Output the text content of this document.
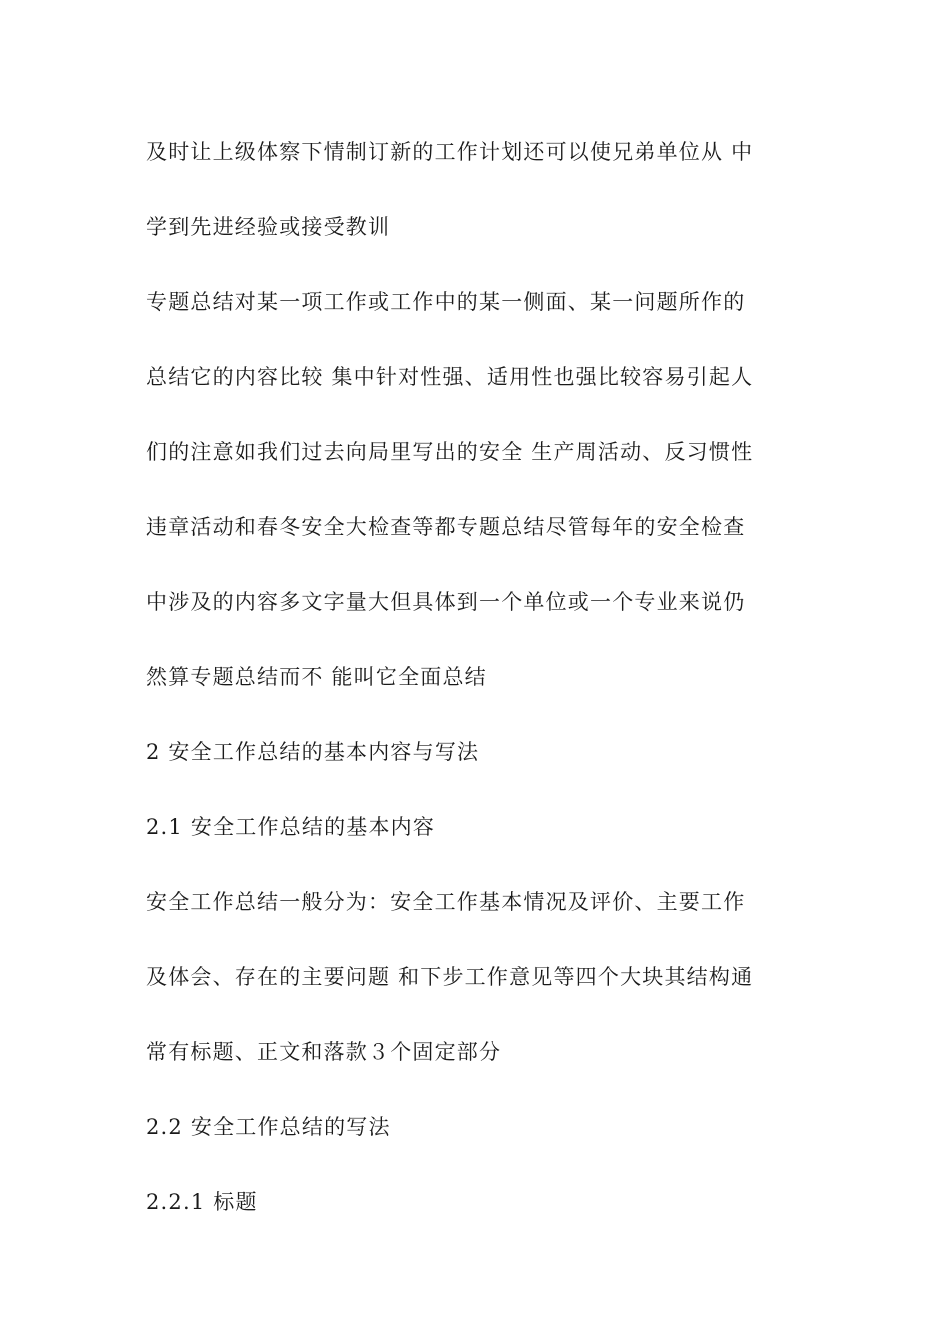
及时让上级体察下情制订新的工作计划还可以使兄弟单位从 中
学到先进经验或接受教训
专题总结对某一项工作或工作中的某一侧面、某一问题所作的
总结它的内容比较 集中针对性强、适用性也强比较容易引起人
们的注意如我们过去向局里写出的安全 生产周活动、反习惯性
违章活动和春冬安全大检查等都专题总结尽管每年的安全检查
中涉及的内容多文字量大但具体到一个单位或一个专业来说仍
然算专题总结而不 能叫它全面总结
2 安全工作总结的基本内容与写法
2.1 安全工作总结的基本内容
安全工作总结一般分为：安全工作基本情况及评价、主要工作
及体会、存在的主要问题 和下步工作意见等四个大块其结构通
常有标题、正文和落款３个固定部分
2.2 安全工作总结的写法
2.2.1 标题
